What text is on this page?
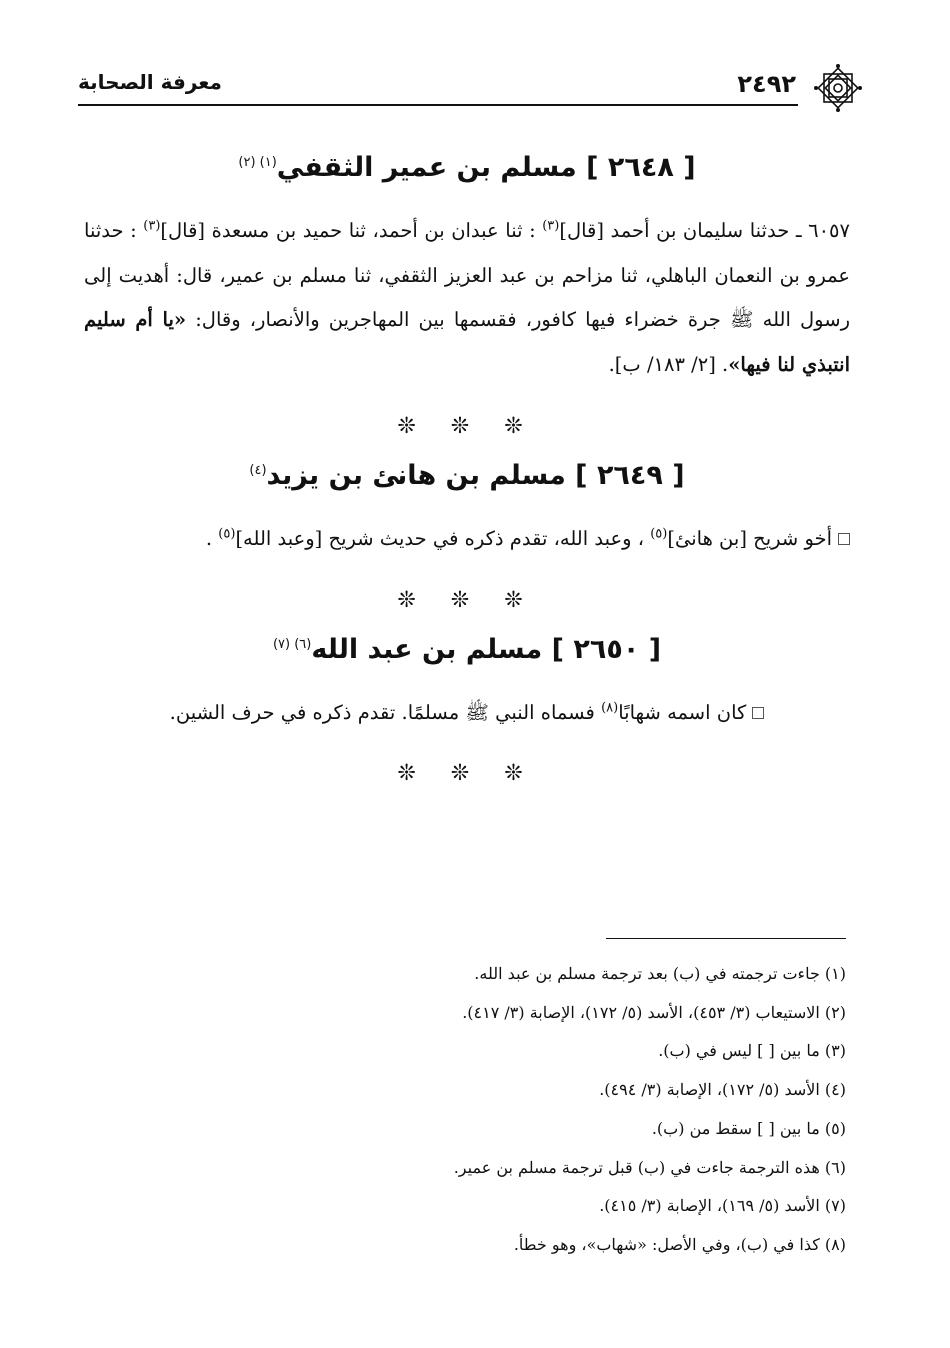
٢٤٩٢
معرفة الصحابة
[ ٢٦٤٨ ] مسلم بن عمير الثقفي$^{(١) (٢)}$

٦٠٥٧ ـ حدثنا سليمان بن أحمد [قال]$^{(٣)}$ : ثنا عبدان بن أحمد، ثنا حميد بن مسعدة [قال]$^{(٣)}$ : حدثنا عمرو بن النعمان الباهلي، ثنا مزاحم بن عبد العزيز الثقفي، ثنا مسلم بن عمير، قال: أهديت إلى رسول الله ﷺ جرة خضراء فيها كافور، فقسمها بين المهاجرين والأنصار، وقال: «يا أم سليم انتبذي لنا فيها». [٢/ ١٨٣/ ب].

❊ ❊ ❊
[ ٢٦٤٩ ] مسلم بن هانئ بن يزيد$^{(٤)}$

أخو شريح [بن هانئ]$^{(٥)}$ ، وعبد الله، تقدم ذكره في حديث شريح [وعبد الله]$^{(٥)}$ .

❊ ❊ ❊
[ ٢٦٥٠ ] مسلم بن عبد الله$^{(٦) (٧)}$

كان اسمه شهابًا$^{(٨)}$ فسماه النبي ﷺ مسلمًا. تقدم ذكره في حرف الشين.

❊ ❊ ❊
(١) جاءت ترجمته في (ب) بعد ترجمة مسلم بن عبد الله.
(٢) الاستيعاب (٣/ ٤٥٣)، الأسد (٥/ ١٧٢)، الإصابة (٣/ ٤١٧).
(٣) ما بين [ ] ليس في (ب).
(٤) الأسد (٥/ ١٧٢)، الإصابة (٣/ ٤٩٤).
(٥) ما بين [ ] سقط من (ب).
(٦) هذه الترجمة جاءت في (ب) قبل ترجمة مسلم بن عمير.
(٧) الأسد (٥/ ١٦٩)، الإصابة (٣/ ٤١٥).
(٨) كذا في (ب)، وفي الأصل: «شهاب»، وهو خطأ.
